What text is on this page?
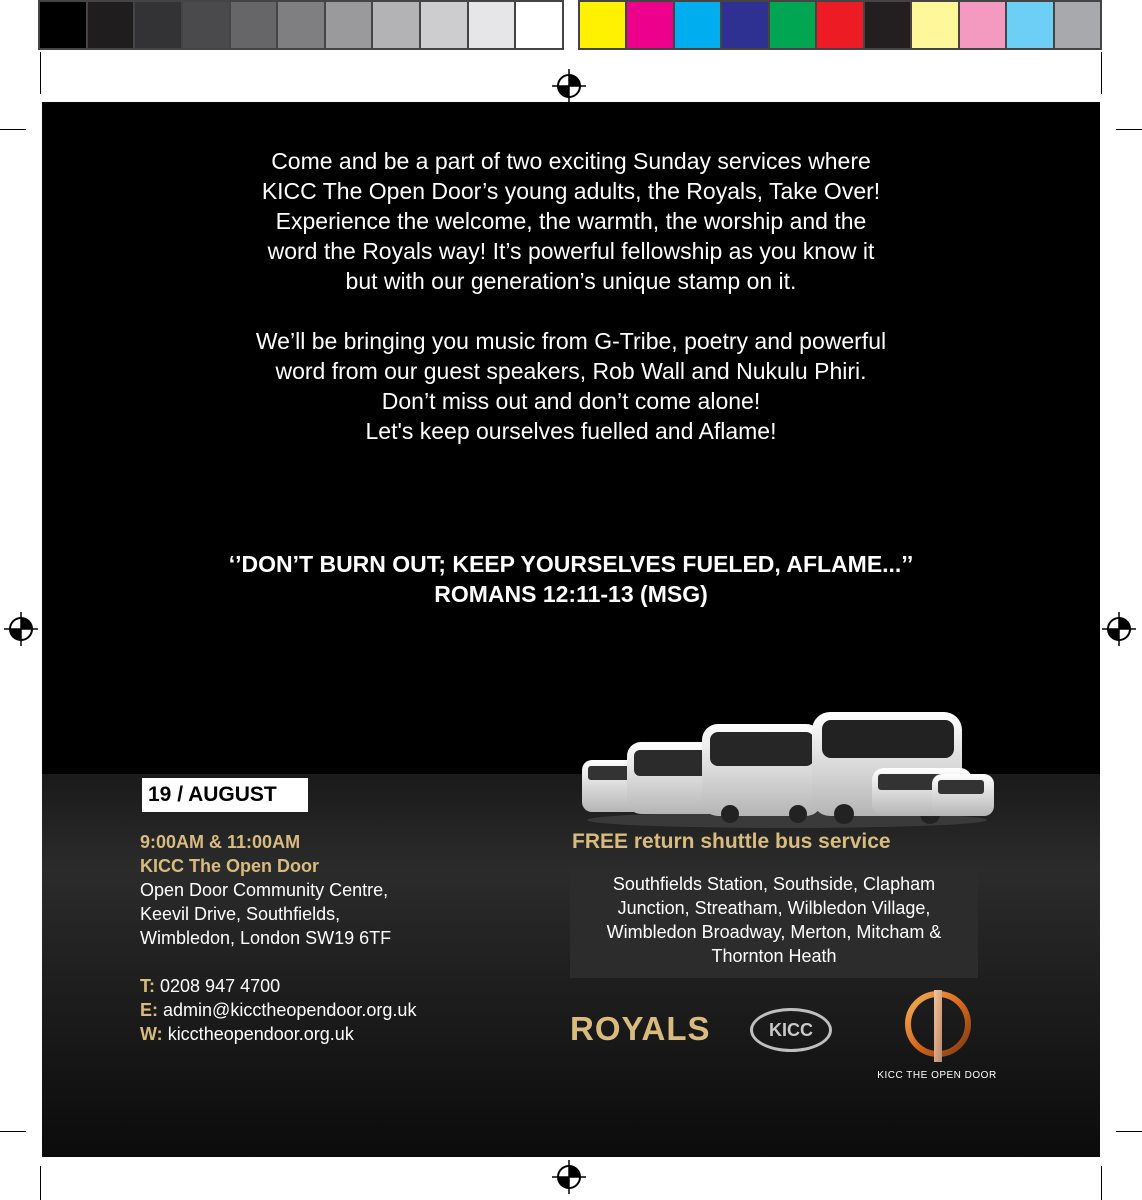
Come and be a part of two exciting Sunday services where

KICC The Open Door’s young adults, the Royals, Take Over!

Experience the welcome, the warmth, the worship and the

word the Royals way! It’s powerful fellowship as you know it

but with our generation’s unique stamp on it.

We’ll be bringing you music from G-Tribe, poetry and powerful

word from our guest speakers, Rob Wall and Nukulu Phiri.

Don’t miss out and don’t come alone!

Let's keep ourselves fuelled and Aflame!

‘’DON’T BURN OUT; KEEP YOURSELVES FUELED, AFLAME...’’
ROMANS 12:11-13 (MSG)
19 / AUGUST
9:00AM & 11:00AM
KICC The Open Door
Open Door Community Centre,
Keevil Drive, Southfields,
Wimbledon, London SW19 6TF
T: 0208 947 4700
E: admin@kicctheopendoor.org.uk
W: kicctheopendoor.org.uk
FREE return shuttle bus service
Southfields Station, Southside, Clapham
Junction, Streatham, Wilbledon Village,
Wimbledon Broadway, Merton, Mitcham &
Thornton Heath
ROYALS	KICC
KICC THE OPEN DOOR
